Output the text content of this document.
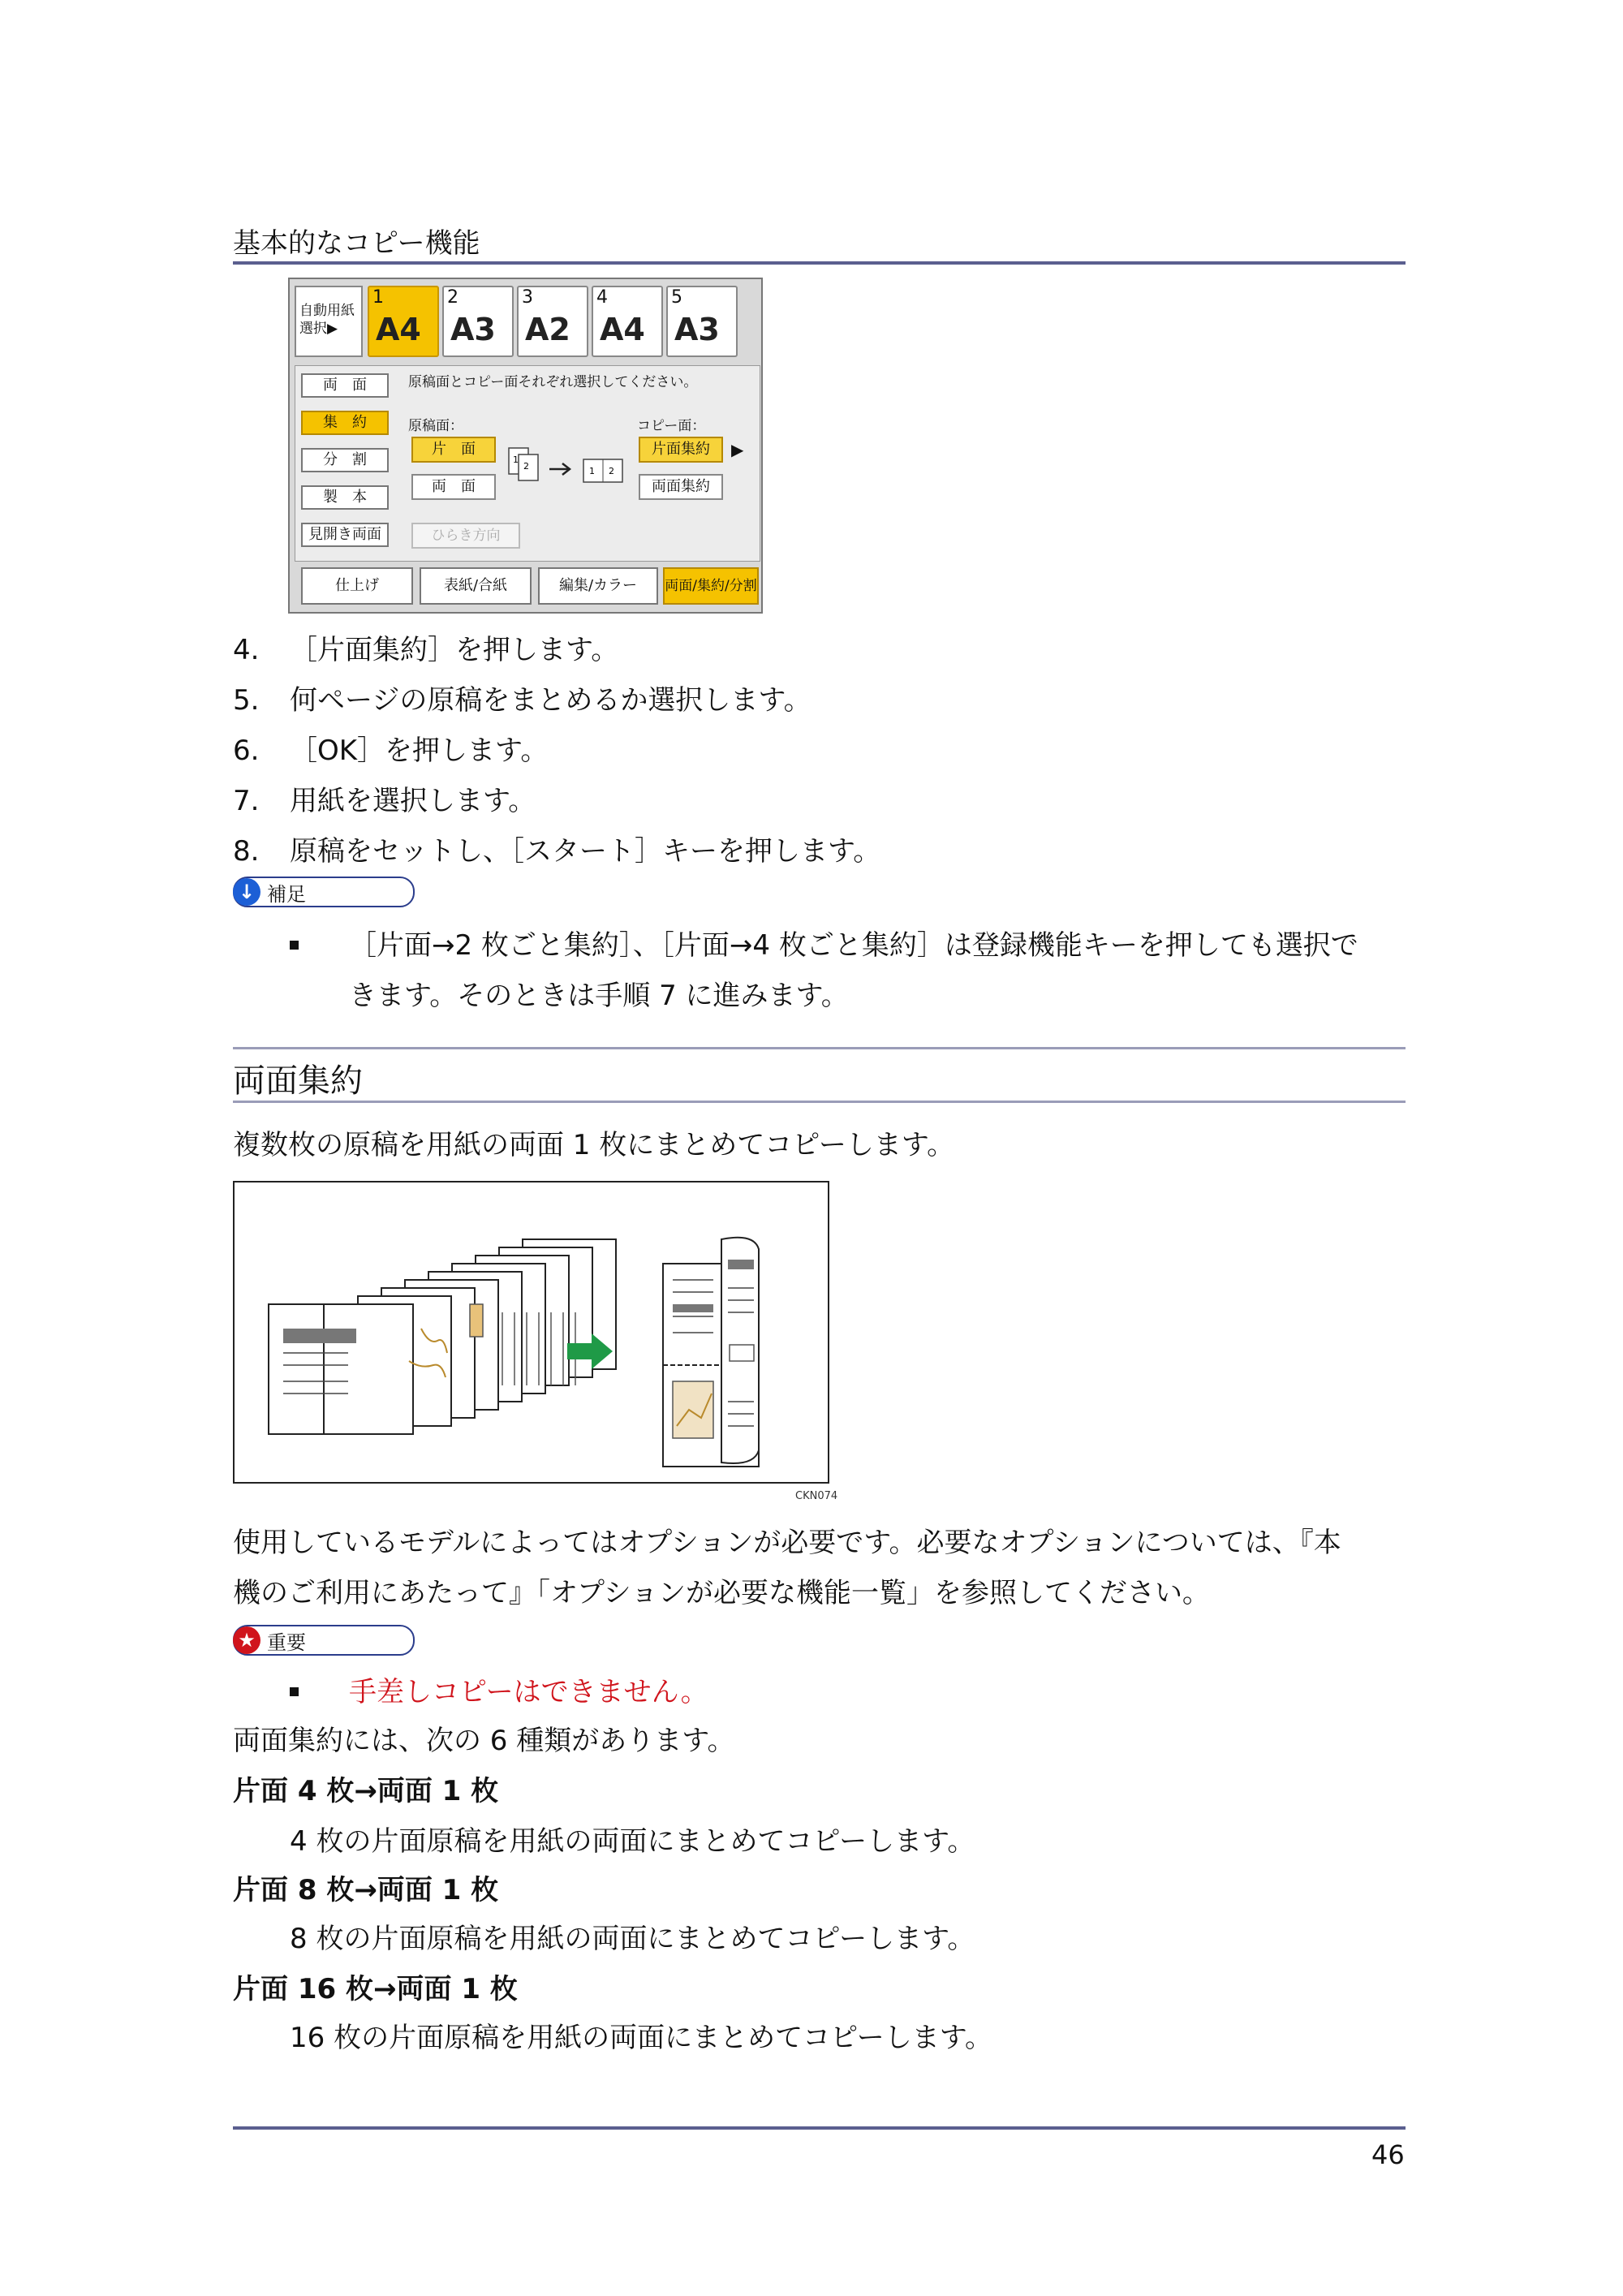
基本的なコピー機能
自動用紙
選択▶
1
A4
2
A3
3
A2
4
A4
5
A3
両　面
集　約
分　割
製　本
見開き両面
原稿面とコピー面それぞれ選択してください。
原稿面：	コピー面：
片　面
両　面
片面集約
両面集約
▶
1
2	1 2
ひらき方向
仕上げ	表紙/合紙	編集/カラー	両面/集約/分割
4.	［片面集約］を押します。
5.	何ページの原稿をまとめるか選択します。
6.	［OK］を押します。
7.	用紙を選択します。
8.	原稿をセットし、［スタート］キーを押します。
↓ 補足
［片面→2 枚ごと集約］、［片面→4 枚ごと集約］は登録機能キーを押しても選択で
きます。そのときは手順 7 に進みます。
両面集約
複数枚の原稿を用紙の両面 1 枚にまとめてコピーします。
CKN074
使用しているモデルによってはオプションが必要です。必要なオプションについては、『本
機のご利用にあたって』「オプションが必要な機能一覧」を参照してください。
★ 重要
手差しコピーはできません。
両面集約には、次の 6 種類があります。
片面 4 枚→両面 1 枚
4 枚の片面原稿を用紙の両面にまとめてコピーします。
片面 8 枚→両面 1 枚
8 枚の片面原稿を用紙の両面にまとめてコピーします。
片面 16 枚→両面 1 枚
16 枚の片面原稿を用紙の両面にまとめてコピーします。
46
